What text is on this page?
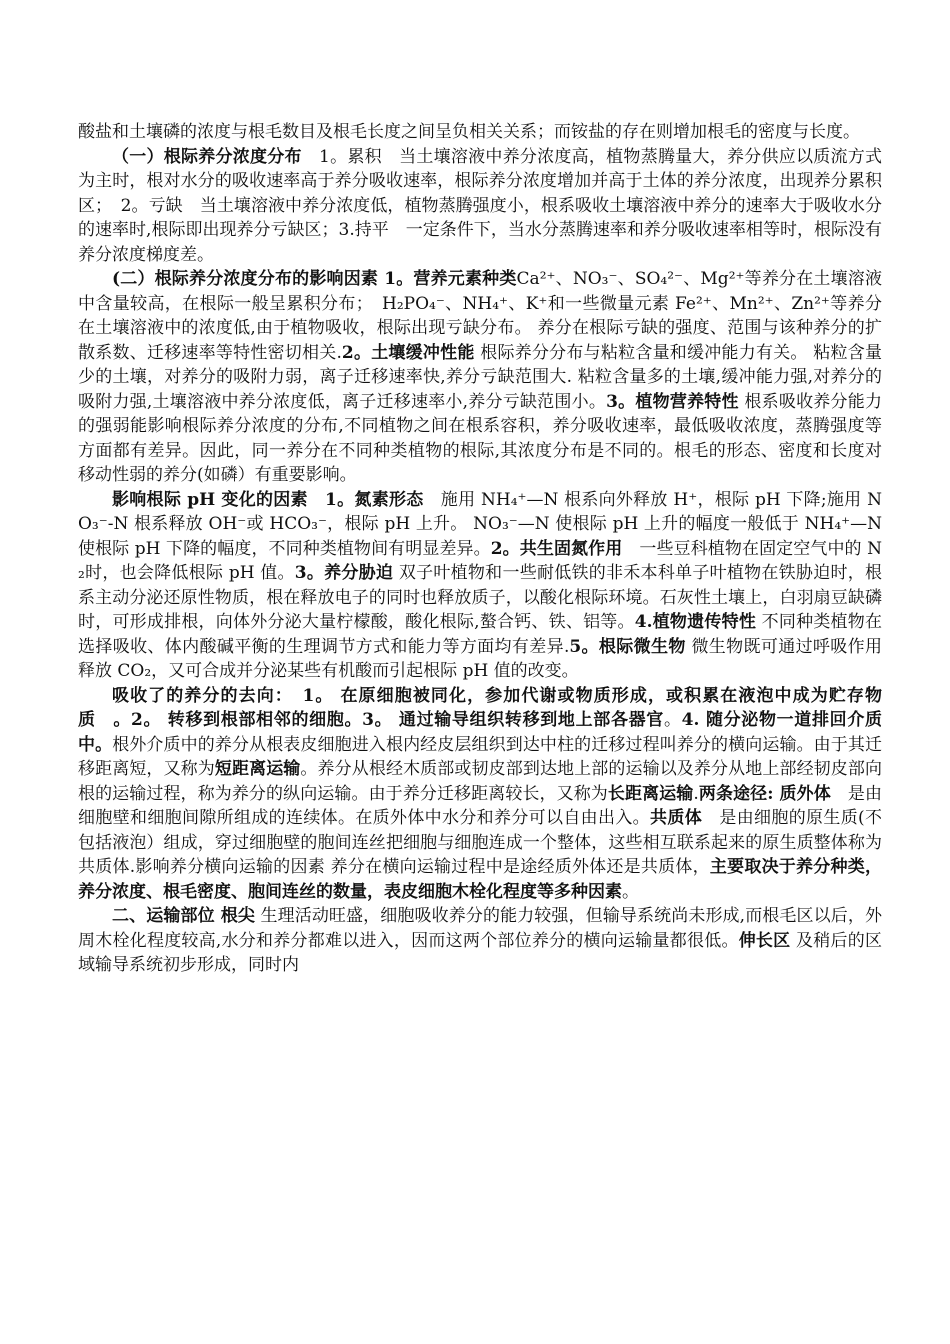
酸盐和土壤磷的浓度与根毛数目及根毛长度之间呈负相关关系；而铵盐的存在则增加根毛的密度与长度。

（一）根际养分浓度分布　1。累积　当土壤溶液中养分浓度高，植物蒸腾量大，养分供应以质流方式为主时，根对水分的吸收速率高于养分吸收速率，根际养分浓度增加并高于土体的养分浓度，出现养分累积区；　2。亏缺　当土壤溶液中养分浓度低，植物蒸腾强度小，根系吸收土壤溶液中养分的速率大于吸收水分的速率时,根际即出现养分亏缺区；3.持平　一定条件下，当水分蒸腾速率和养分吸收速率相等时，根际没有养分浓度梯度差。

(二）根际养分浓度分布的影响因素 1。营养元素种类Ca²⁺、NO₃⁻、SO₄²⁻、Mg²⁺等养分在土壤溶液中含量较高，在根际一般呈累积分布；　H₂PO₄⁻、NH₄⁺、K⁺和一些微量元素 Fe²⁺、Mn²⁺、Zn²⁺等养分在土壤溶液中的浓度低,由于植物吸收，根际出现亏缺分布。 养分在根际亏缺的强度、范围与该种养分的扩散系数、迁移速率等特性密切相关.2。土壤缓冲性能 根际养分分布与粘粒含量和缓冲能力有关。 粘粒含量少的土壤，对养分的吸附力弱，离子迁移速率快,养分亏缺范围大. 粘粒含量多的土壤,缓冲能力强,对养分的吸附力强,土壤溶液中养分浓度低，离子迁移速率小,养分亏缺范围小。3。植物营养特性 根系吸收养分能力的强弱能影响根际养分浓度的分布,不同植物之间在根系容积，养分吸收速率，最低吸收浓度，蒸腾强度等方面都有差异。因此，同一养分在不同种类植物的根际,其浓度分布是不同的。根毛的形态、密度和长度对移动性弱的养分(如磷）有重要影响。

影响根际 pH 变化的因素　1。氮素形态　施用 NH₄⁺—N 根系向外释放 H⁺，根际 pH 下降;施用 NO₃⁻-N 根系释放 OH⁻或 HCO₃⁻，根际 pH 上升。 NO₃⁻—N 使根际 pH 上升的幅度一般低于 NH₄⁺—N 使根际 pH 下降的幅度，不同种类植物间有明显差异。2。共生固氮作用　一些豆科植物在固定空气中的 N₂时，也会降低根际 pH 值。3。养分胁迫 双子叶植物和一些耐低铁的非禾本科单子叶植物在铁胁迫时，根系主动分泌还原性物质，根在释放电子的同时也释放质子，以酸化根际环境。石灰性土壤上，白羽扇豆缺磷时，可形成排根，向体外分泌大量柠檬酸，酸化根际,螯合钙、铁、铝等。4.植物遗传特性 不同种类植物在选择吸收、体内酸碱平衡的生理调节方式和能力等方面均有差异.5。根际微生物 微生物既可通过呼吸作用释放 CO₂，又可合成并分泌某些有机酸而引起根际 pH 值的改变。

吸收了的养分的去向：　1。 在原细胞被同化，参加代谢或物质形成，或积累在液泡中成为贮存物质　。2。 转移到根部相邻的细胞。3。 通过输导组织转移到地上部各器官。4. 随分泌物一道排回介质中。根外介质中的养分从根表皮细胞进入根内经皮层组织到达中柱的迁移过程叫养分的横向运输。由于其迁移距离短，又称为短距离运输。养分从根经木质部或韧皮部到达地上部的运输以及养分从地上部经韧皮部向根的运输过程，称为养分的纵向运输。由于养分迁移距离较长，又称为长距离运输.两条途径: 质外体　是由细胞壁和细胞间隙所组成的连续体。在质外体中水分和养分可以自由出入。共质体　是由细胞的原生质(不包括液泡）组成，穿过细胞壁的胞间连丝把细胞与细胞连成一个整体，这些相互联系起来的原生质整体称为共质体.影响养分横向运输的因素 养分在横向运输过程中是途经质外体还是共质体，主要取决于养分种类，养分浓度、根毛密度、胞间连丝的数量，表皮细胞木栓化程度等多种因素。

二、运输部位 根尖 生理活动旺盛，细胞吸收养分的能力较强，但输导系统尚未形成,而根毛区以后，外周木栓化程度较高,水分和养分都难以进入，因而这两个部位养分的横向运输量都很低。伸长区 及稍后的区域输导系统初步形成，同时内
